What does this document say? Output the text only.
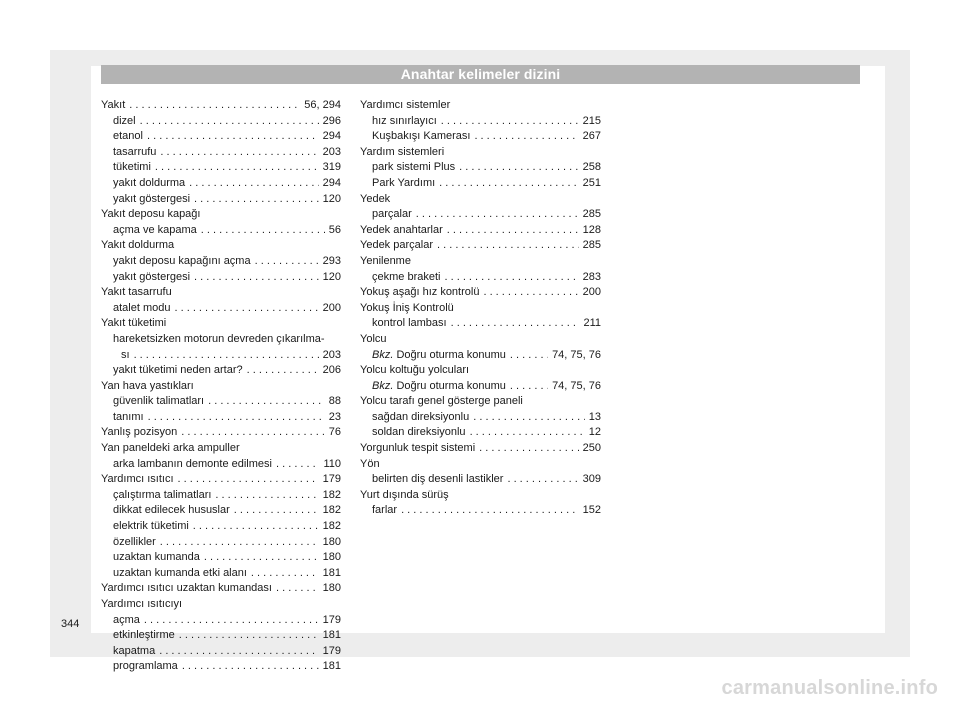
Anahtar kelimeler dizini
Yakıt . . .	56, 294
dizel . . .	296
etanol . . .	294
tasarrufu . . .	203
tüketimi . . .	319
yakıt doldurma . . .	294
yakıt göstergesi . . .	120
Yakıt deposu kapağı
açma ve kapama . . .	56
Yakıt doldurma
yakıt deposu kapağını açma . . .	293
yakıt göstergesi . . .	120
Yakıt tasarrufu
atalet modu . . .	200
Yakıt tüketimi
hareketsizken motorun devreden çıkarılma-
sı . . .	203
yakıt tüketimi neden artar? . . .	206
Yan hava yastıkları
güvenlik talimatları . . .	88
tanımı . . .	23
Yanlış pozisyon . . .	76
Yan paneldeki arka ampuller
arka lambanın demonte edilmesi . . .	110
Yardımcı ısıtıcı . . .	179
çalıştırma talimatları . . .	182
dikkat edilecek hususlar . . .	182
elektrik tüketimi . . .	182
özellikler . . .	180
uzaktan kumanda . . .	180
uzaktan kumanda etki alanı . . .	181
Yardımcı ısıtıcı uzaktan kumandası . . .	180
Yardımcı ısıtıcıyı
açma . . .	179
etkinleştirme . . .	181
kapatma . . .	179
programlama . . .	181
Yardımcı sistemler
hız sınırlayıcı . . .	215
Kuşbakışı Kamerası . . .	267
Yardım sistemleri
park sistemi Plus . . .	258
Park Yardımı . . .	251
Yedek
parçalar . . .	285
Yedek anahtarlar . . .	128
Yedek parçalar . . .	285
Yenilenme
çekme braketi . . .	283
Yokuş aşağı hız kontrolü . . .	200
Yokuş İniş Kontrolü
kontrol lambası . . .	211
Yolcu
Bkz. Doğru oturma konumu . . .	74, 75, 76
Yolcu koltuğu yolcuları
Bkz. Doğru oturma konumu . . .	74, 75, 76
Yolcu tarafı genel gösterge paneli
sağdan direksiyonlu . . .	13
soldan direksiyonlu . . .	12
Yorgunluk tespit sistemi . . .	250
Yön
belirten diş desenli lastikler . . .	309
Yurt dışında sürüş
farlar . . .	152
344
carmanualsonline.info
